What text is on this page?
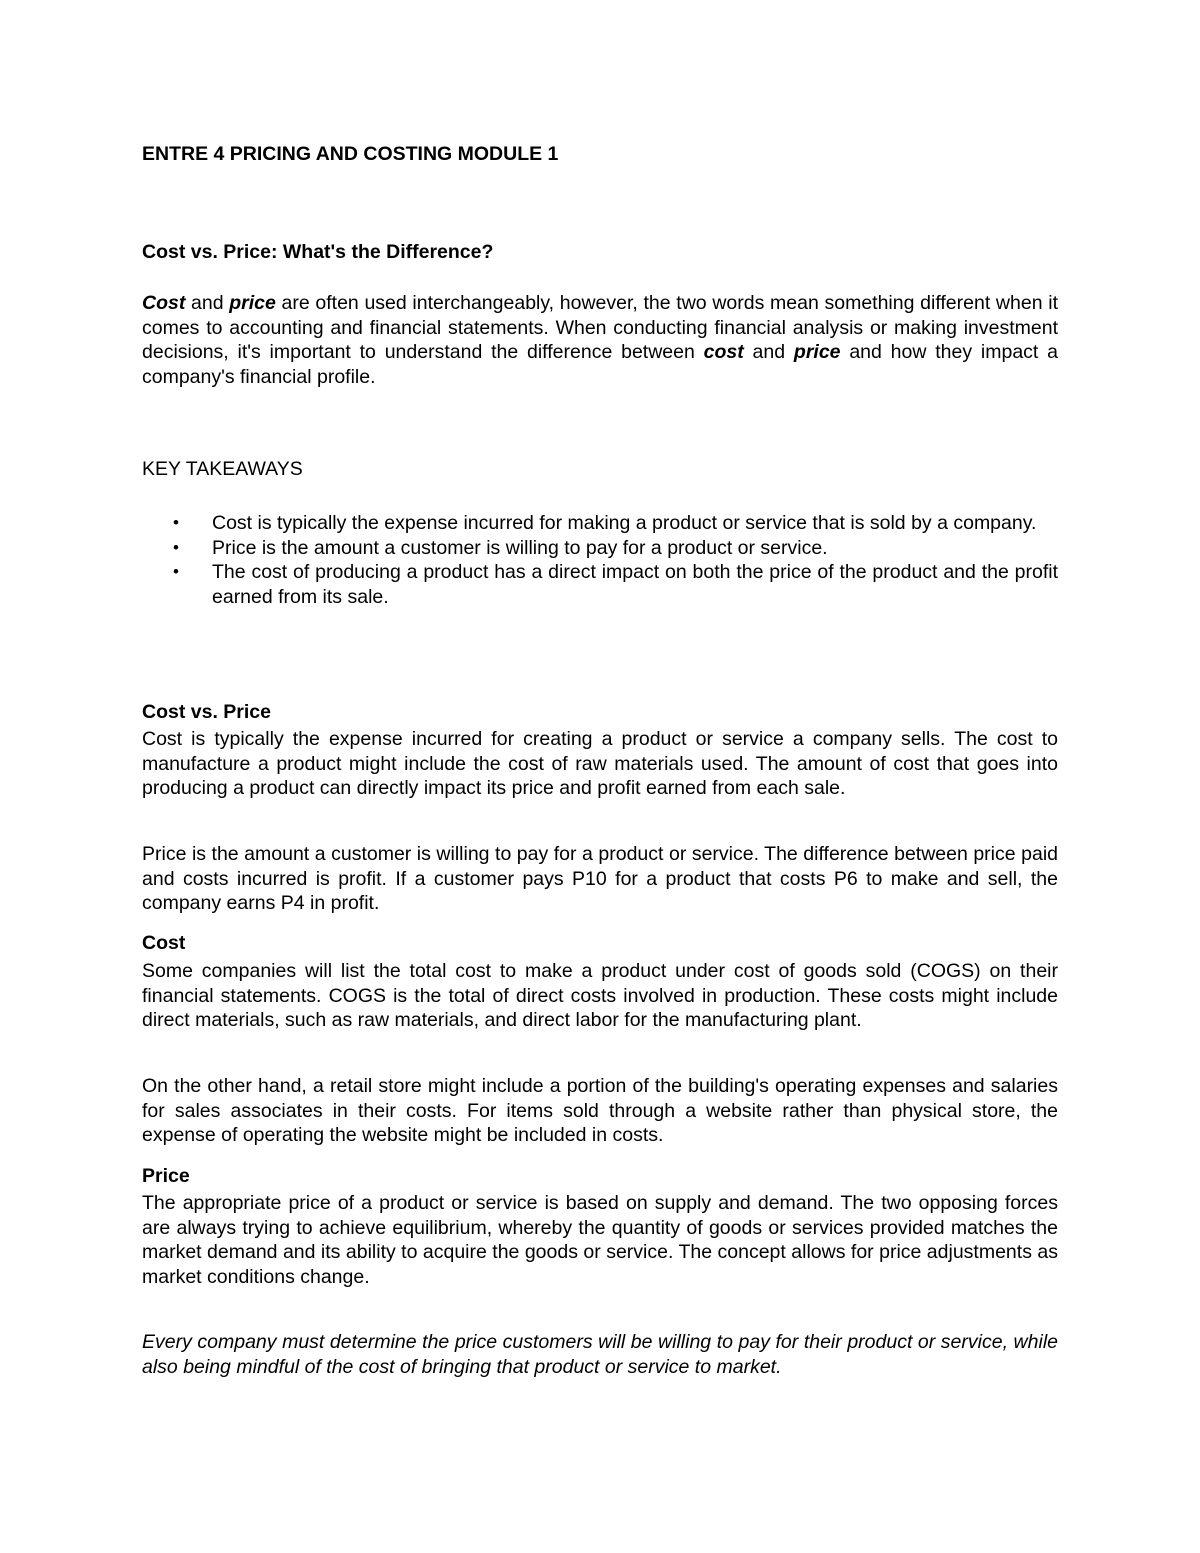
ENTRE 4 PRICING AND COSTING MODULE 1
Cost vs. Price: What's the Difference?

Cost and price are often used interchangeably, however, the two words mean something different when it comes to accounting and financial statements. When conducting financial analysis or making investment decisions, it's important to understand the difference between cost and price and how they impact a company's financial profile.

KEY TAKEAWAYS
• Cost is typically the expense incurred for making a product or service that is sold by a company.
• Price is the amount a customer is willing to pay for a product or service.
• The cost of producing a product has a direct impact on both the price of the product and the profit earned from its sale.
Cost vs. Price

Cost is typically the expense incurred for creating a product or service a company sells. The cost to manufacture a product might include the cost of raw materials used. The amount of cost that goes into producing a product can directly impact its price and profit earned from each sale.

Price is the amount a customer is willing to pay for a product or service. The difference between price paid and costs incurred is profit. If a customer pays P10 for a product that costs P6 to make and sell, the company earns P4 in profit.

Cost

Some companies will list the total cost to make a product under cost of goods sold (COGS) on their financial statements. COGS is the total of direct costs involved in production. These costs might include direct materials, such as raw materials, and direct labor for the manufacturing plant.

On the other hand, a retail store might include a portion of the building's operating expenses and salaries for sales associates in their costs. For items sold through a website rather than physical store, the expense of operating the website might be included in costs.

Price

The appropriate price of a product or service is based on supply and demand. The two opposing forces are always trying to achieve equilibrium, whereby the quantity of goods or services provided matches the market demand and its ability to acquire the goods or service. The concept allows for price adjustments as market conditions change.

Every company must determine the price customers will be willing to pay for their product or service, while also being mindful of the cost of bringing that product or service to market.
